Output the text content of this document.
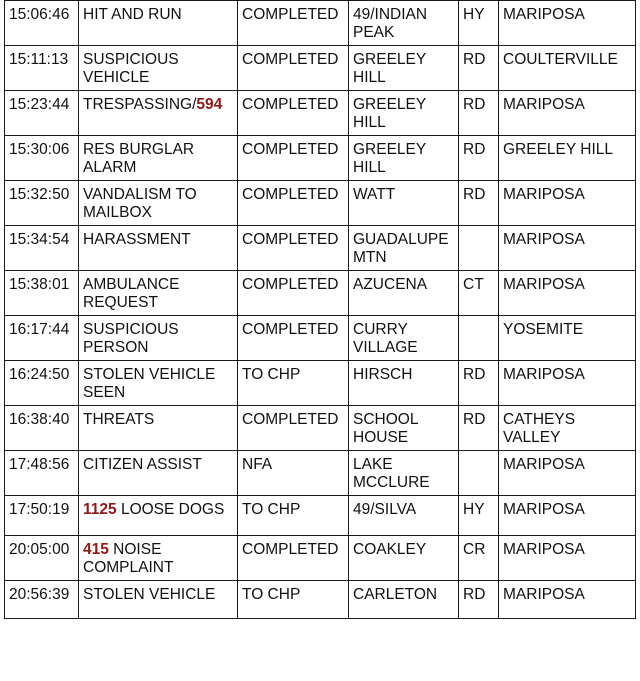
15:06:46	HIT AND RUN	COMPLETED	49/INDIAN PEAK	HY	MARIPOSA
15:11:13	SUSPICIOUS VEHICLE	COMPLETED	GREELEY HILL	RD	COULTERVILLE
15:23:44	TRESPASSING/594	COMPLETED	GREELEY HILL	RD	MARIPOSA
15:30:06	RES BURGLAR ALARM	COMPLETED	GREELEY HILL	RD	GREELEY HILL
15:32:50	VANDALISM TO MAILBOX	COMPLETED	WATT	RD	MARIPOSA
15:34:54	HARASSMENT	COMPLETED	GUADALUPE MTN		MARIPOSA
15:38:01	AMBULANCE REQUEST	COMPLETED	AZUCENA	CT	MARIPOSA
16:17:44	SUSPICIOUS PERSON	COMPLETED	CURRY VILLAGE		YOSEMITE
16:24:50	STOLEN VEHICLE SEEN	TO CHP	HIRSCH	RD	MARIPOSA
16:38:40	THREATS	COMPLETED	SCHOOL HOUSE	RD	CATHEYS VALLEY
17:48:56	CITIZEN ASSIST	NFA	LAKE MCCLURE		MARIPOSA
17:50:19	1125 LOOSE DOGS	TO CHP	49/SILVA	HY	MARIPOSA
20:05:00	415 NOISE COMPLAINT	COMPLETED	COAKLEY	CR	MARIPOSA
20:56:39	STOLEN VEHICLE	TO CHP	CARLETON	RD	MARIPOSA
